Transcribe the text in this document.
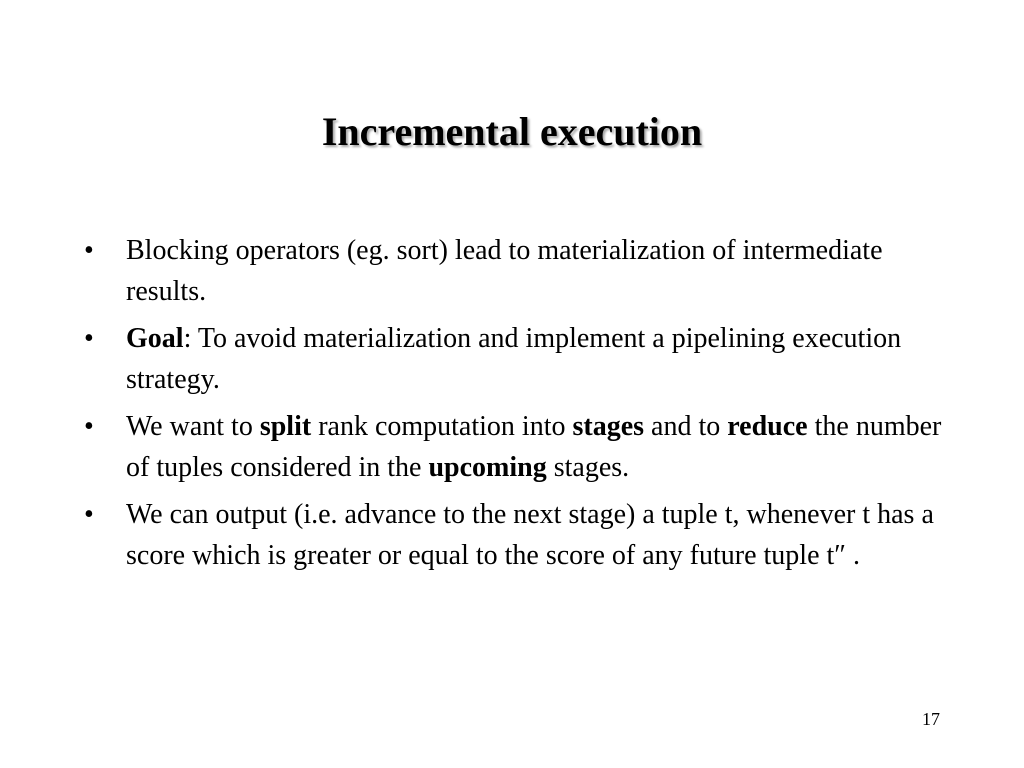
Incremental execution
•	Blocking operators (eg. sort) lead to materialization of intermediate results.
•	Goal: To avoid materialization and implement a pipelining execution strategy.
•	We want to split rank computation into stages and to reduce the number of tuples considered in the upcoming stages.
•	We can output (i.e. advance to the next stage) a tuple t, whenever t has a score which is greater or equal to the score of any future tuple t″ .
17
